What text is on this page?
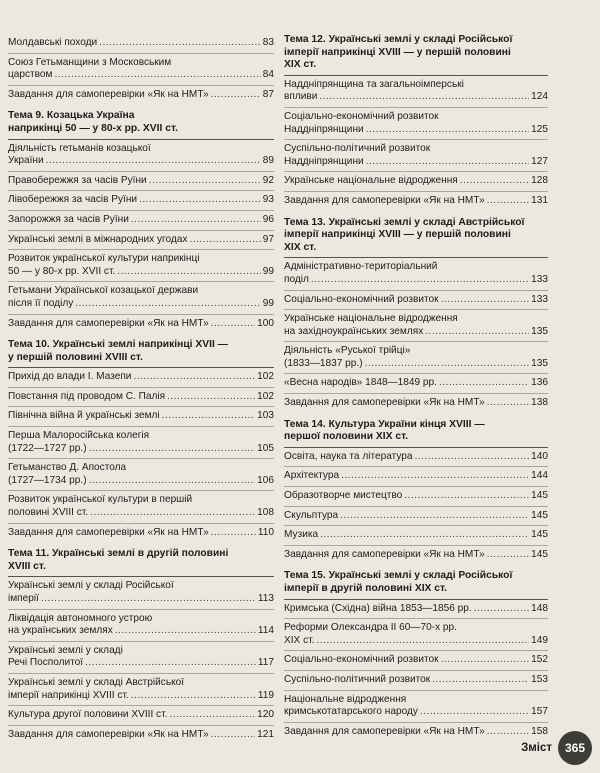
Молдавські походи .....	83
Союз Гетьманщини з Московським
царством .....	84
Завдання для самоперевірки «Як на НМТ» .....	87
Тема 9. Козацька Україна
наприкінці 50 — у 80-х рр. XVII ст.
Діяльність гетьманів козацької
України .....	89
Правобережжя за часів Руїни .....	92
Лівобережжя за часів Руїни .....	93
Запорожжя за часів Руїни .....	96
Українські землі в міжнародних угодах .....	97
Розвиток української культури наприкінці
50 — у 80-х рр. XVII ст. .....	99
Гетьмани Української козацької держави
після її поділу .....	99
Завдання для самоперевірки «Як на НМТ» .....	100
Тема 10. Українські землі наприкінці XVII —
у першій половині XVIII ст.
Прихід до влади І. Мазепи .....	102
Повстання під проводом С. Палія .....	102
Північна війна й українські землі .....	103
Перша Малоросійська колегія
(1722—1727 рр.) .....	105
Гетьманство Д. Апостола
(1727—1734 рр.) .....	106
Розвиток української культури в першій
половині XVIII ст. .....	108
Завдання для самоперевірки «Як на НМТ» .....	110
Тема 11. Українські землі в другій половині
XVIII ст.
Українські землі у складі Російської
імперії .....	113
Ліквідація автономного устрою
на українських землях .....	114
Українські землі у складі
Речі Посполитої .....	117
Українські землі у складі Австрійської
імперії наприкінці XVIII ст. .....	119
Культура другої половини XVIII ст. .....	120
Завдання для самоперевірки «Як на НМТ» .....	121
Тема 12. Українські землі у складі Російської
імперії наприкінці XVIII — у першій половині
XIX ст.
Наддніпрянщина та загальноімперські
впливи .....	124
Соціально-економічний розвиток
Наддніпрянщини .....	125
Суспільно-політичний розвиток
Наддніпрянщини .....	127
Українське національне відродження .....	128
Завдання для самоперевірки «Як на НМТ» .....	131
Тема 13. Українські землі у складі Австрійської
імперії наприкінці XVIII — у першій половині
XIX ст.
Адміністративно-територіальний
поділ .....	133
Соціально-економічний розвиток .....	133
Українське національне відродження
на західноукраїнських землях .....	135
Діяльність «Руської трійці»
(1833—1837 рр.) .....	135
«Весна народів» 1848—1849 рр. .....	136
Завдання для самоперевірки «Як на НМТ» .....	138
Тема 14. Культура України кінця XVIII —
першої половини XIX ст.
Освіта, наука та література .....	140
Архітектура .....	144
Образотворче мистецтво .....	145
Скульптура .....	145
Музика .....	145
Завдання для самоперевірки «Як на НМТ» .....	145
Тема 15. Українські землі у складі Російської
імперії в другій половині XIX ст.
Кримська (Східна) війна 1853—1856 рр. .....	148
Реформи Олександра II 60—70-х рр.
XIX ст. .....	149
Соціально-економічний розвиток .....	152
Суспільно-політичний розвиток .....	153
Національне відродження
кримськотатарського народу .....	157
Завдання для самоперевірки «Як на НМТ» .....	158
Зміст	365
